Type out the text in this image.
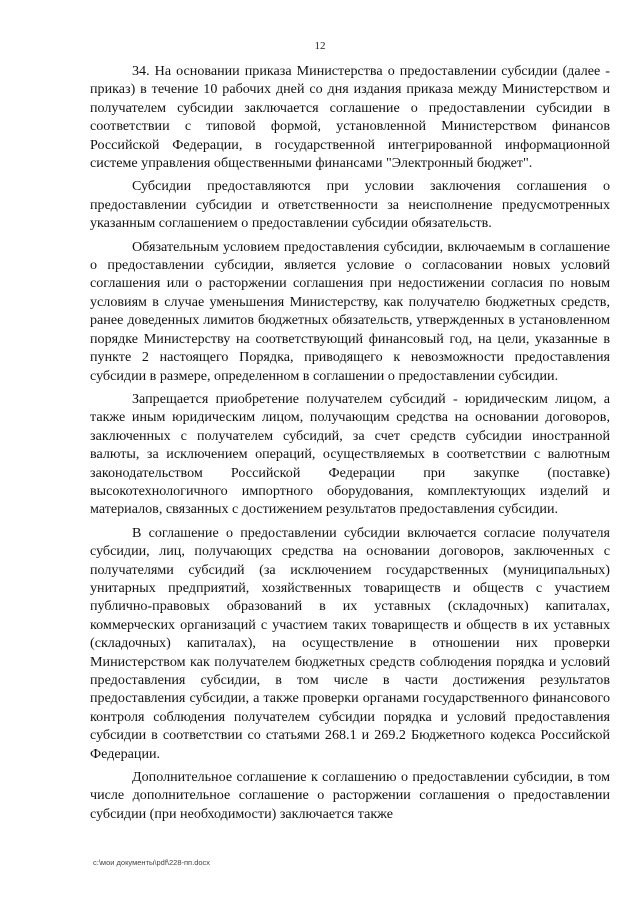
12

34. На основании приказа Министерства о предоставлении субсидии (далее - приказ) в течение 10 рабочих дней со дня издания приказа между Министерством и получателем субсидии заключается соглашение о предоставлении субсидии в соответствии с типовой формой, установленной Министерством финансов Российской Федерации, в государственной интегрированной информационной системе управления общественными финансами "Электронный бюджет".

Субсидии предоставляются при условии заключения соглашения о предоставлении субсидии и ответственности за неисполнение предусмотренных указанным соглашением о предоставлении субсидии обязательств.

Обязательным условием предоставления субсидии, включаемым в соглашение о предоставлении субсидии, является условие о согласовании новых условий соглашения или о расторжении соглашения при недостижении согласия по новым условиям в случае уменьшения Министерству, как получателю бюджетных средств, ранее доведенных лимитов бюджетных обязательств, утвержденных в установленном порядке Министерству на соответствующий финансовый год, на цели, указанные в пункте 2 настоящего Порядка, приводящего к невозможности предоставления субсидии в размере, определенном в соглашении о предоставлении субсидии.

Запрещается приобретение получателем субсидий - юридическим лицом, а также иным юридическим лицом, получающим средства на основании договоров, заключенных с получателем субсидий, за счет средств субсидии иностранной валюты, за исключением операций, осуществляемых в соответствии с валютным законодательством Российской Федерации при закупке (поставке) высокотехнологичного импортного оборудования, комплектующих изделий и материалов, связанных с достижением результатов предоставления субсидии.

В соглашение о предоставлении субсидии включается согласие получателя субсидии, лиц, получающих средства на основании договоров, заключенных с получателями субсидий (за исключением государственных (муниципальных) унитарных предприятий, хозяйственных товариществ и обществ с участием публично-правовых образований в их уставных (складочных) капиталах, коммерческих организаций с участием таких товариществ и обществ в их уставных (складочных) капиталах), на осуществление в отношении них проверки Министерством как получателем бюджетных средств соблюдения порядка и условий предоставления субсидии, в том числе в части достижения результатов предоставления субсидии, а также проверки органами государственного финансового контроля соблюдения получателем субсидии порядка и условий предоставления субсидии в соответствии со статьями 268.1 и 269.2 Бюджетного кодекса Российской Федерации.

Дополнительное соглашение к соглашению о предоставлении субсидии, в том числе дополнительное соглашение о расторжении соглашения о предоставлении субсидии (при необходимости) заключается также

c:\мои документы\pdf\228-пп.docx
